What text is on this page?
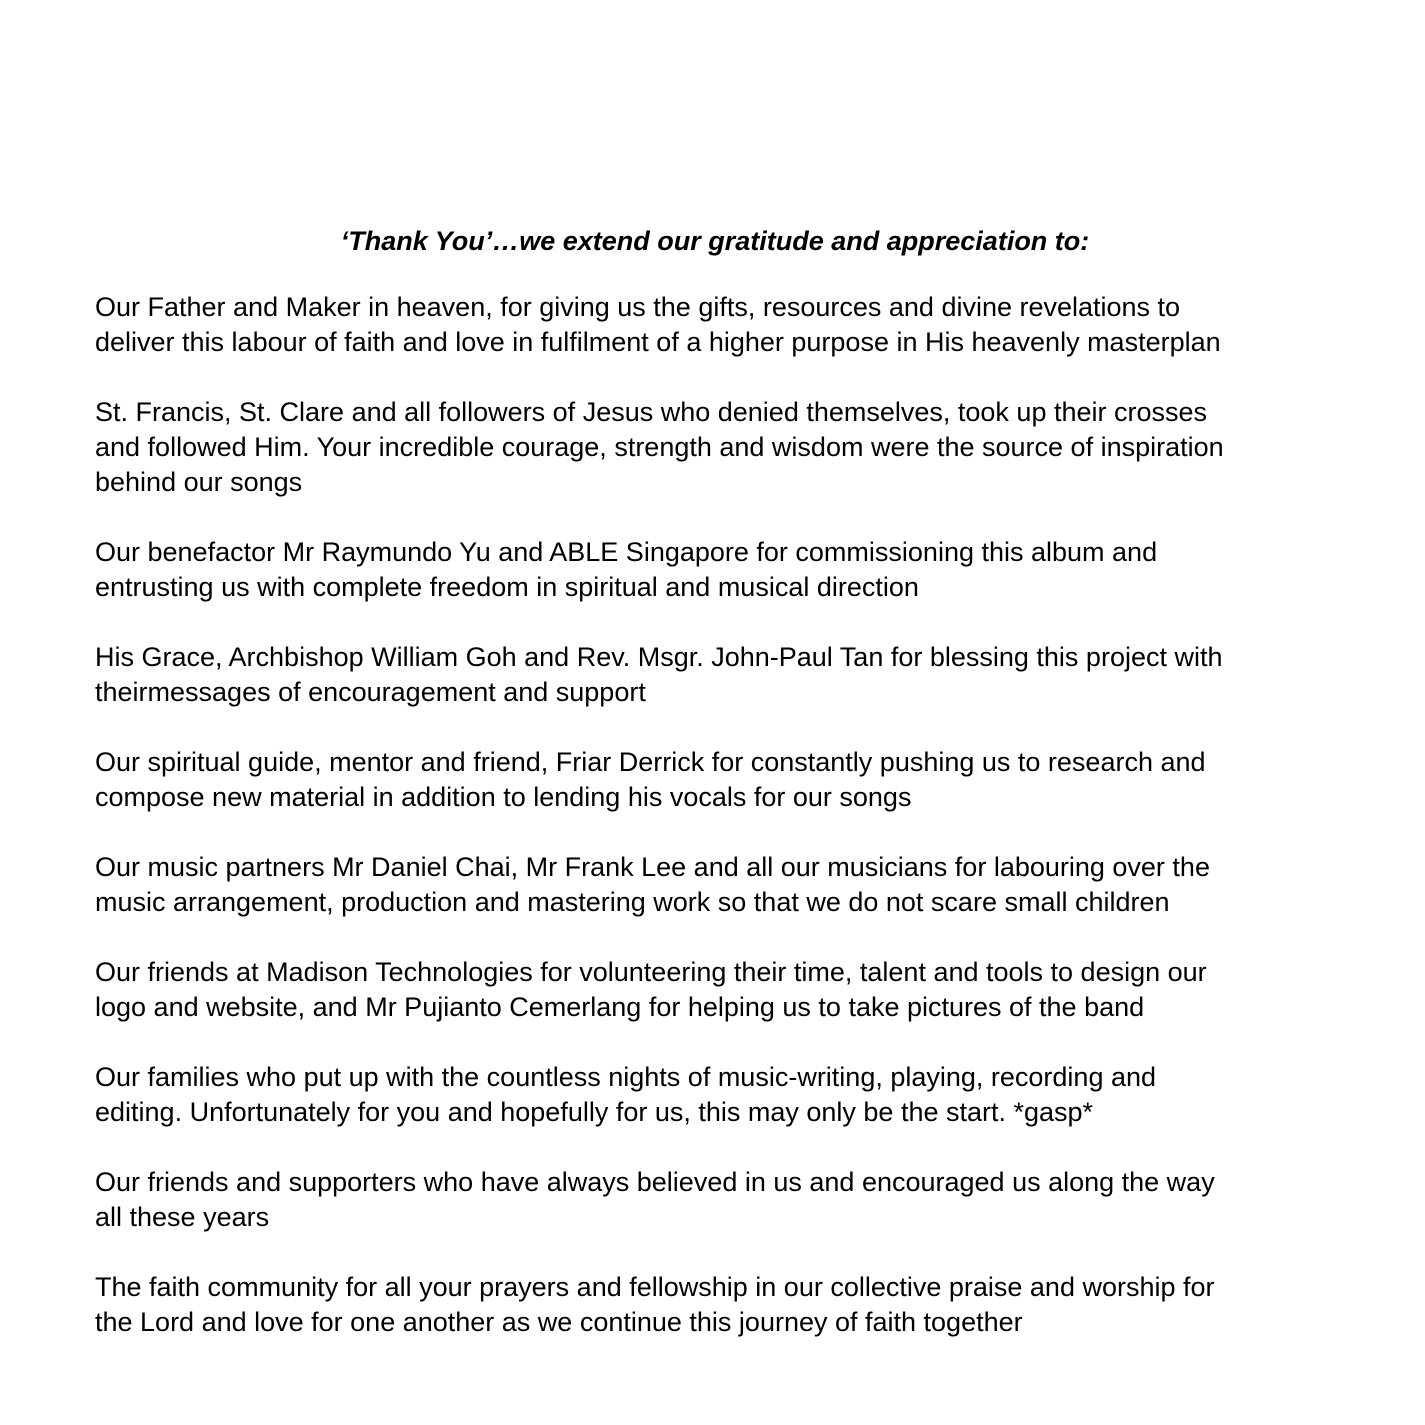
‘Thank You’…we extend our gratitude and appreciation to:
Our Father and Maker in heaven, for giving us the gifts, resources and divine revelations to
deliver this labour of faith and love in fulfilment of a higher purpose in His heavenly masterplan
St. Francis, St. Clare and all followers of Jesus who denied themselves, took up their crosses
and followed Him. Your incredible courage, strength and wisdom were the source of inspiration
behind our songs
Our benefactor Mr Raymundo Yu and ABLE Singapore for commissioning this album and
entrusting us with complete freedom in spiritual and musical direction
His Grace, Archbishop William Goh and Rev. Msgr. John-Paul Tan for blessing this project with
theirmessages of encouragement and support
Our spiritual guide, mentor and friend, Friar Derrick for constantly pushing us to research and
compose new material in addition to lending his vocals for our songs
Our music partners Mr Daniel Chai, Mr Frank Lee and all our musicians for labouring over the
music arrangement, production and mastering work so that we do not scare small children
Our friends at Madison Technologies for volunteering their time, talent and tools to design our
logo and website, and Mr Pujianto Cemerlang for helping us to take pictures of the band
Our families who put up with the countless nights of music-writing, playing, recording and
editing. Unfortunately for you and hopefully for us, this may only be the start. *gasp*
Our friends and supporters who have always believed in us and encouraged us along the way
all these years
The faith community for all your prayers and fellowship in our collective praise and worship for
the Lord and love for one another as we continue this journey of faith together
